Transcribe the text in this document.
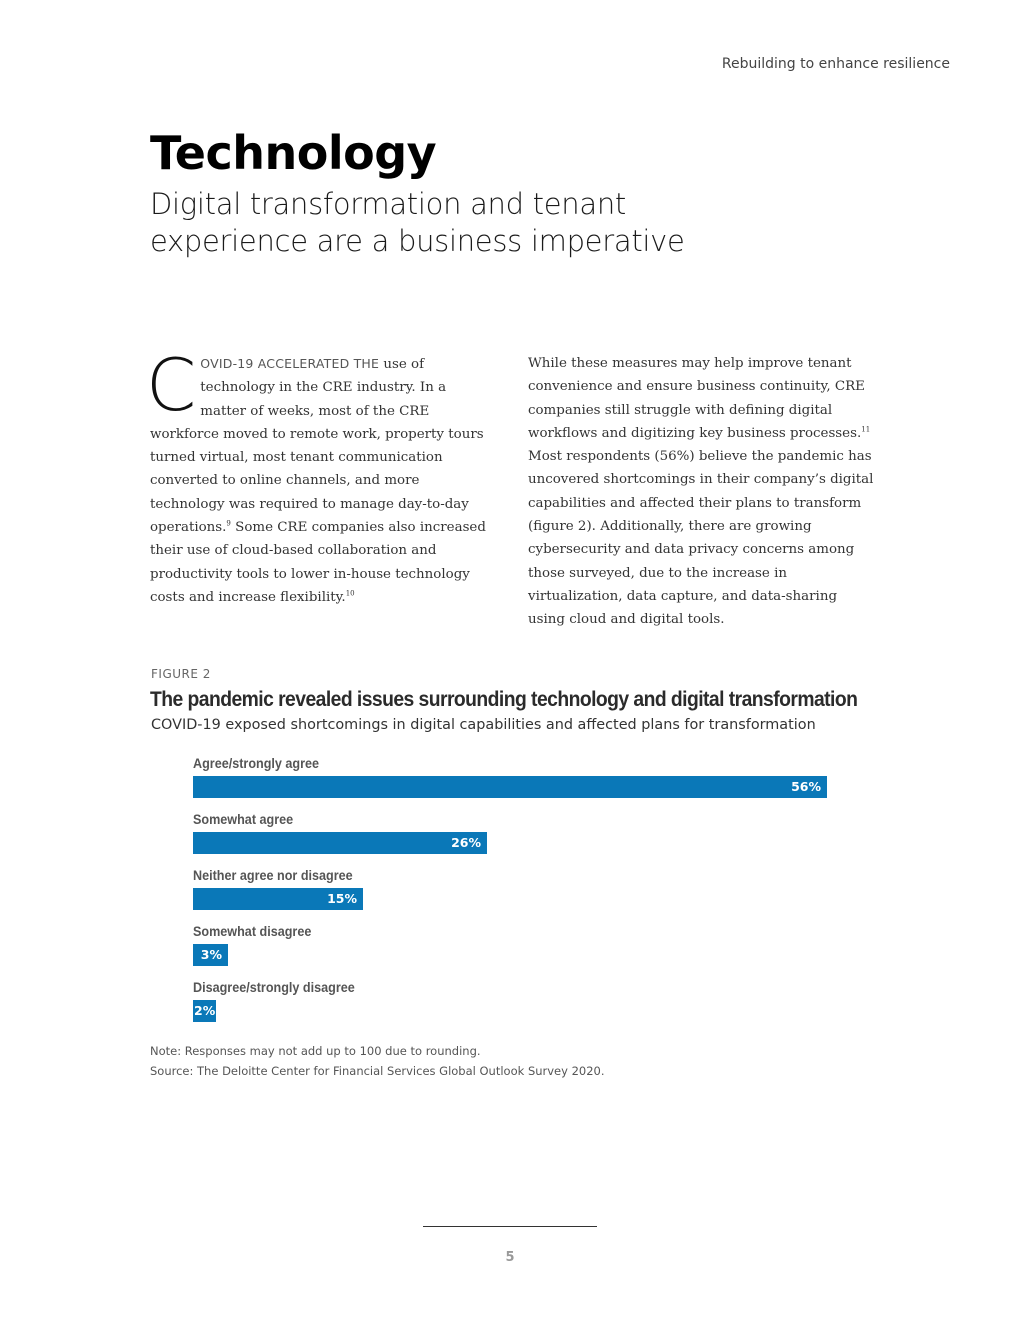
Rebuilding to enhance resilience
Technology
Digital transformation and tenant experience are a business imperative

COVID-19 ACCELERATED THE use of technology in the CRE industry. In a matter of weeks, most of the CRE workforce moved to remote work, property tours turned virtual, most tenant communication converted to online channels, and more technology was required to manage day-to-day operations.$^9$ Some CRE companies also increased their use of cloud-based collaboration and productivity tools to lower in-house technology costs and increase flexibility.$^{10}$

While these measures may help improve tenant convenience and ensure business continuity, CRE companies still struggle with defining digital workflows and digitizing key business processes.$^{11}$ Most respondents (56%) believe the pandemic has uncovered shortcomings in their company’s digital capabilities and affected their plans to transform (figure 2). Additionally, there are growing cybersecurity and data privacy concerns among those surveyed, due to the increase in virtualization, data capture, and data-sharing using cloud and digital tools.

FIGURE 2
The pandemic revealed issues surrounding technology and digital transformation
COVID-19 exposed shortcomings in digital capabilities and affected plans for transformation
Agree/strongly agree
56%
Somewhat agree
26%
Neither agree nor disagree
15%
Somewhat disagree
3%
Disagree/strongly disagree
2%
Note: Responses may not add up to 100 due to rounding.
Source: The Deloitte Center for Financial Services Global Outlook Survey 2020.
5
